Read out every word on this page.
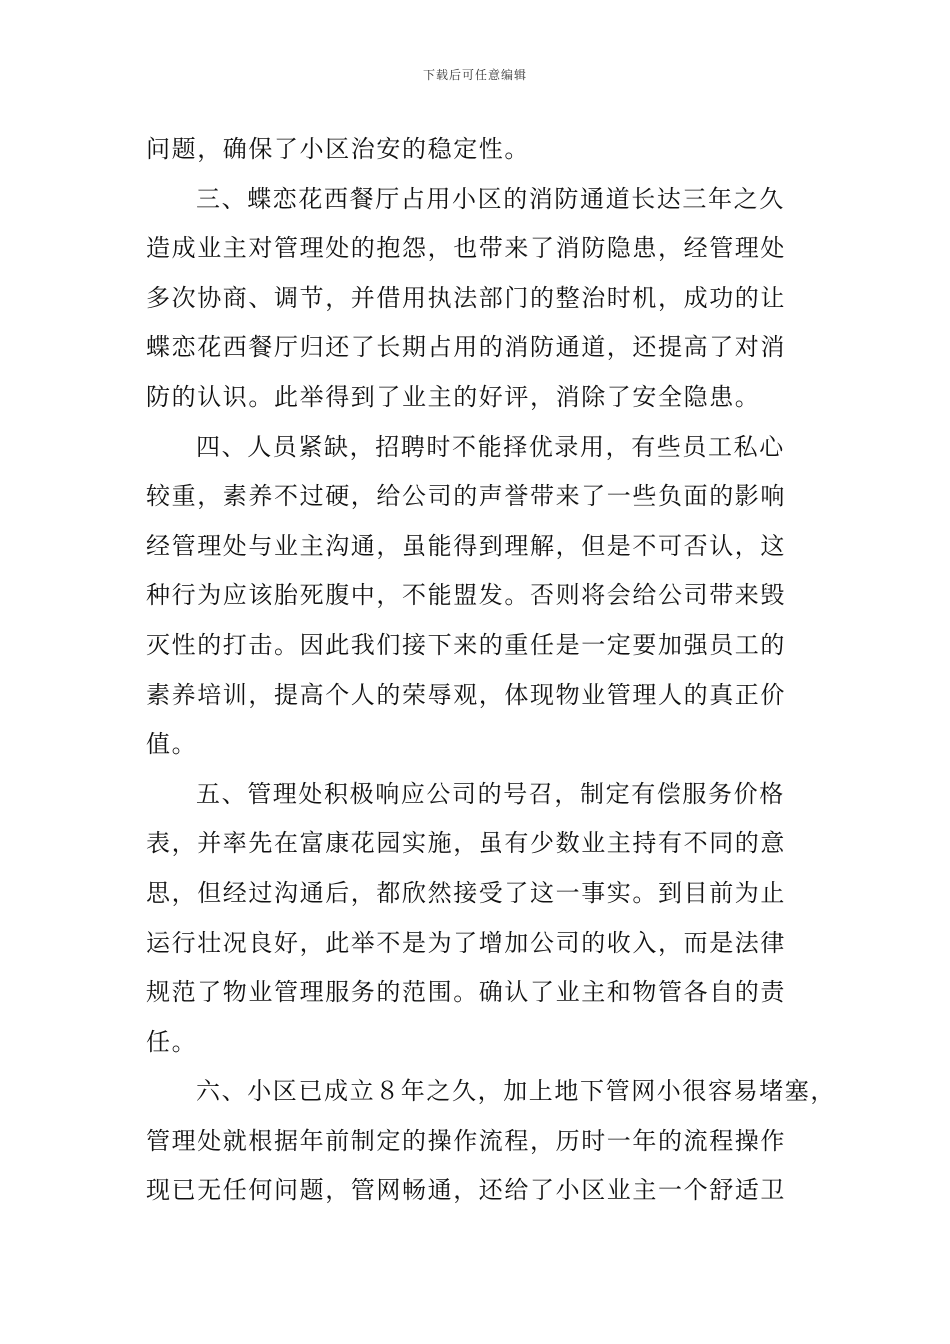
下载后可任意编辑
问题，确保了小区治安的稳定性。
三、蝶恋花西餐厅占用小区的消防通道长达三年之久
造成业主对管理处的抱怨，也带来了消防隐患，经管理处
多次协商、调节，并借用执法部门的整治时机，成功的让
蝶恋花西餐厅归还了长期占用的消防通道，还提高了对消
防的认识。此举得到了业主的好评，消除了安全隐患。
四、人员紧缺，招聘时不能择优录用，有些员工私心
较重，素养不过硬，给公司的声誉带来了一些负面的影响
经管理处与业主沟通，虽能得到理解，但是不可否认，这
种行为应该胎死腹中，不能盟发。否则将会给公司带来毁
灭性的打击。因此我们接下来的重任是一定要加强员工的
素养培训，提高个人的荣辱观，体现物业管理人的真正价
值。
五、管理处积极响应公司的号召，制定有偿服务价格
表，并率先在富康花园实施，虽有少数业主持有不同的意
思，但经过沟通后，都欣然接受了这一事实。到目前为止
运行壮况良好，此举不是为了增加公司的收入，而是法律
规范了物业管理服务的范围。确认了业主和物管各自的责
任。
六、小区已成立８年之久，加上地下管网小很容易堵塞，
管理处就根据年前制定的操作流程，历时一年的流程操作
现已无任何问题，管网畅通，还给了小区业主一个舒适卫
